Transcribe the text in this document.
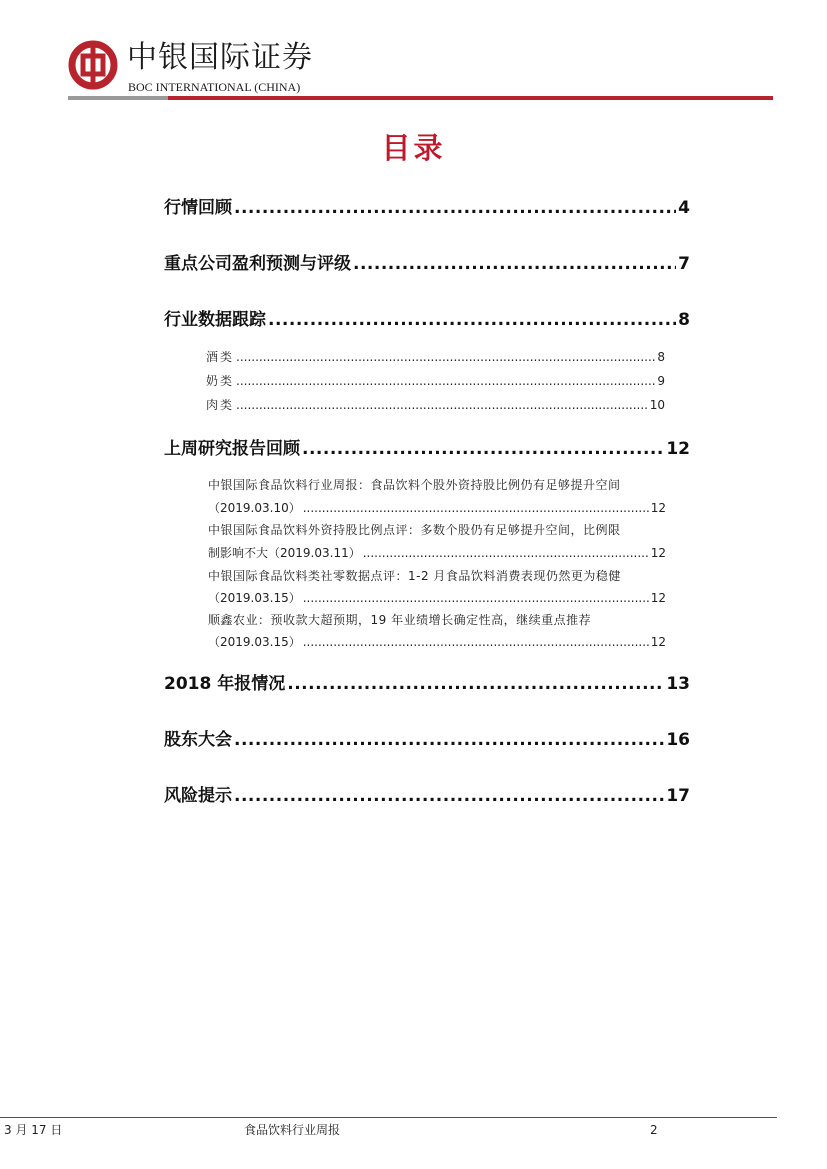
中银国际证券
BOC INTERNATIONAL (CHINA)
目录
行情回顾 .....	4
重点公司盈利预测与评级 .....	7
行业数据跟踪 .....	8
酒类 .....	8
奶类 .....	9
肉类 .....	10
上周研究报告回顾 .....	12
中银国际食品饮料行业周报：食品饮料个股外资持股比例仍有足够提升空间
（2019.03.10） .....	12
中银国际食品饮料外资持股比例点评：多数个股仍有足够提升空间，比例限
制影响不大（2019.03.11） .....	12
中银国际食品饮料类社零数据点评：1-2 月食品饮料消费表现仍然更为稳健
（2019.03.15） .....	12
顺鑫农业：预收款大超预期，19 年业绩增长确定性高，继续重点推荐
（2019.03.15） .....	12
2018 年报情况 .....	13
股东大会 .....	16
风险提示 .....	17
3 月 17 日	食品饮料行业周报	2
